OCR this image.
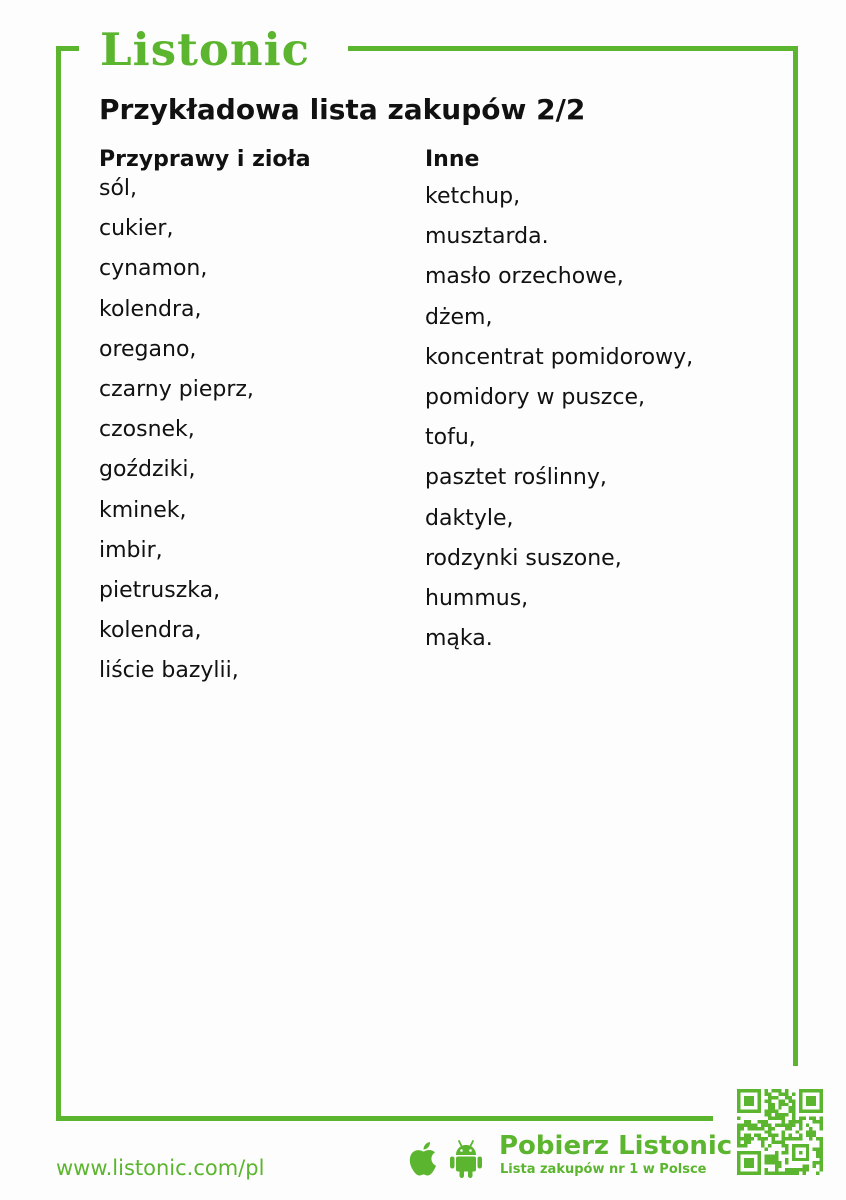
Listonic
Przykładowa lista zakupów 2/2
Przyprawy i zioła
sól,
cukier,
cynamon,
kolendra,
oregano,
czarny pieprz,
czosnek,
goździki,
kminek,
imbir,
pietruszka,
kolendra,
liście bazylii,
Inne
ketchup,
musztarda.
masło orzechowe,
dżem,
koncentrat pomidorowy,
pomidory w puszce,
tofu,
pasztet roślinny,
daktyle,
rodzynki suszone,
hummus,
mąka.
www.listonic.com/pl
Pobierz Listonic
Lista zakupów nr 1 w Polsce
